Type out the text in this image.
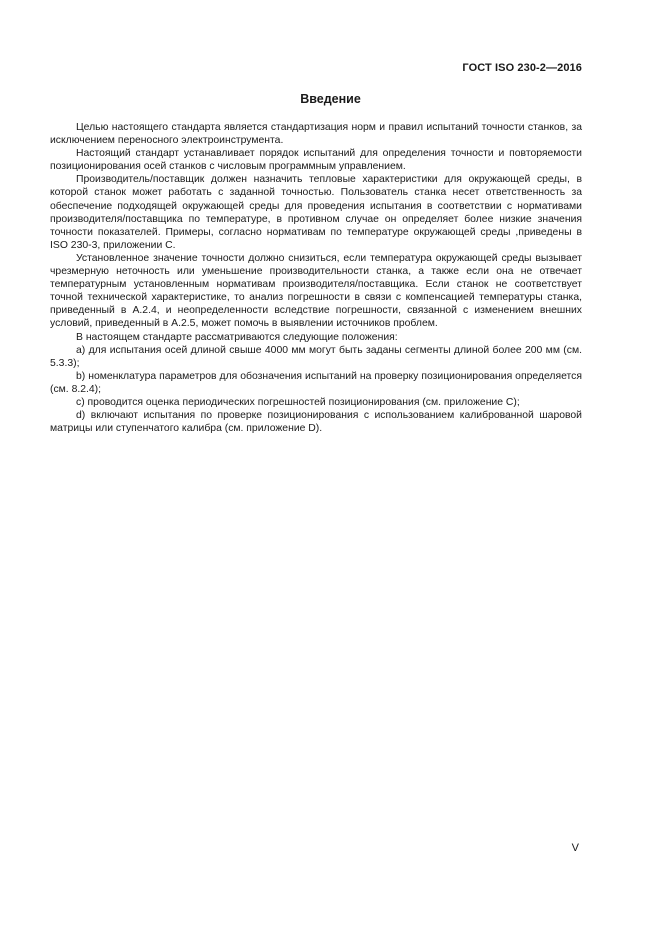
ГОСТ ISO 230-2—2016
Введение

Целью настоящего стандарта является стандартизация норм и правил испытаний точности станков, за исключением переносного электроинструмента.

Настоящий стандарт устанавливает порядок испытаний для определения точности и повторяемости позиционирования осей станков с числовым программным управлением.

Производитель/поставщик должен назначить тепловые характеристики для окружающей среды, в которой станок может работать с заданной точностью. Пользователь станка несет ответственность за обеспечение подходящей окружающей среды для проведения испытания в соответствии с нормативами производителя/поставщика по температуре, в противном случае он определяет более низкие значения точности показателей. Примеры, согласно нормативам по температуре окружающей среды ,приведены в ISO 230-3, приложении С.

Установленное значение точности должно снизиться, если температура окружающей среды вызывает чрезмерную неточность или уменьшение производительности станка, а также если она не отвечает температурным установленным нормативам производителя/поставщика. Если станок не соответствует точной технической характеристике, то анализ погрешности в связи с компенсацией температуры станка, приведенный в А.2.4, и неопределенности вследствие погрешности, связанной с изменением внешних условий, приведенный в А.2.5, может помочь в выявлении источников проблем.

В настоящем стандарте рассматриваются следующие положения:

a) для испытания осей длиной свыше 4000 мм могут быть заданы сегменты длиной более 200 мм (см. 5.3.3);

b) номенклатура параметров для обозначения испытаний на проверку позиционирования определяется (см. 8.2.4);

c) проводится оценка периодических погрешностей позиционирования (см. приложение С);

d) включают испытания по проверке позиционирования с использованием калиброванной шаровой матрицы или ступенчатого калибра (см. приложение D).

V
